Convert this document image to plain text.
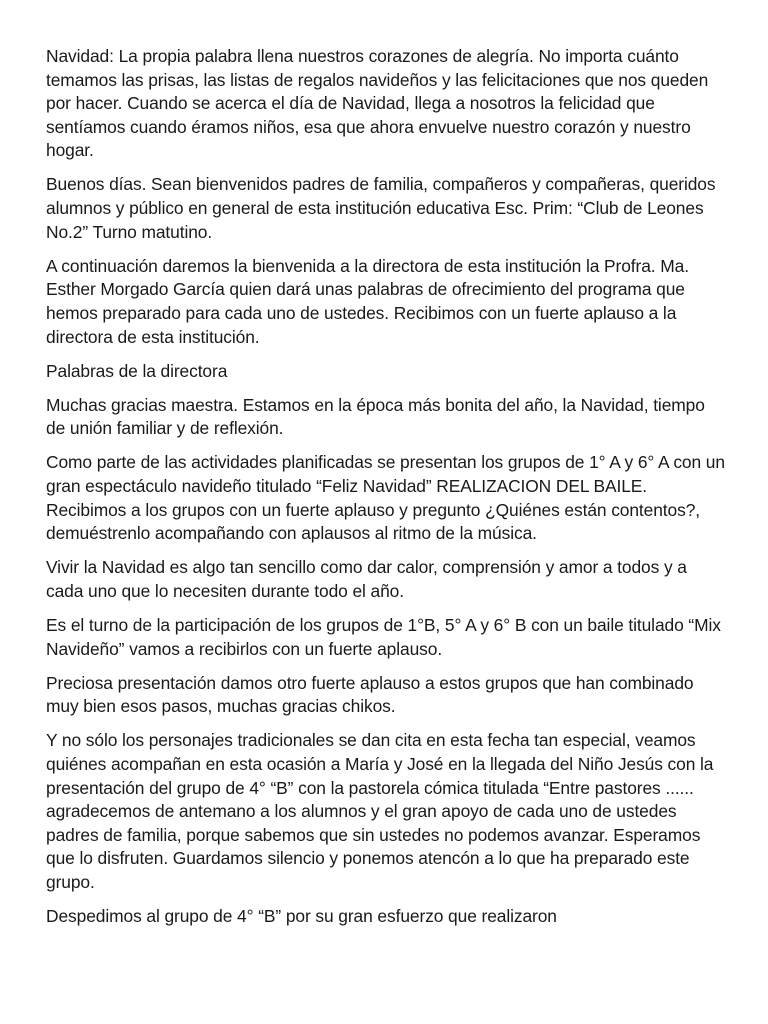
Navidad: La propia palabra llena nuestros corazones de alegría. No importa cuánto temamos las prisas, las listas de regalos navideños y las felicitaciones que nos queden por hacer. Cuando se acerca el día de Navidad, llega a nosotros la felicidad que sentíamos cuando éramos niños, esa que ahora envuelve nuestro corazón y nuestro hogar.

Buenos días. Sean bienvenidos padres de familia, compañeros y compañeras, queridos alumnos y público en general de esta institución educativa Esc. Prim: “Club de Leones No.2” Turno matutino.

A continuación daremos la bienvenida a la directora de esta institución la Profra. Ma. Esther Morgado García quien dará unas palabras de ofrecimiento del programa que hemos preparado para cada uno de ustedes. Recibimos con un fuerte aplauso a la directora de esta institución.

Palabras de la directora

Muchas gracias maestra. Estamos en la época más bonita del año, la Navidad, tiempo de unión familiar y de reflexión.

Como parte de las actividades planificadas se presentan los grupos de 1° A y 6° A con un gran espectáculo navideño titulado “Feliz Navidad” REALIZACION DEL BAILE. Recibimos a los grupos con un fuerte aplauso y pregunto ¿Quiénes están contentos?, demuéstrenlo acompañando con aplausos al ritmo de la música.

Vivir la Navidad es algo tan sencillo como dar calor, comprensión y amor a todos y a cada uno que lo necesiten durante todo el año.

Es el turno de la participación de los grupos de 1°B, 5° A y 6° B con un baile titulado “Mix Navideño” vamos a recibirlos con un fuerte aplauso.

Preciosa presentación damos otro fuerte aplauso a estos grupos que han combinado muy bien esos pasos, muchas gracias chikos.

Y no sólo los personajes tradicionales se dan cita en esta fecha tan especial, veamos quiénes acompañan en esta ocasión a María y José en la llegada del Niño Jesús con la presentación del grupo de 4° “B” con la pastorela cómica titulada “Entre pastores ...... agradecemos de antemano a los alumnos y el gran apoyo de cada uno de ustedes padres de familia, porque sabemos que sin ustedes no podemos avanzar. Esperamos que lo disfruten. Guardamos silencio y ponemos atencón a lo que ha preparado este grupo.

Despedimos al grupo de 4° “B” por su gran esfuerzo que realizaron
